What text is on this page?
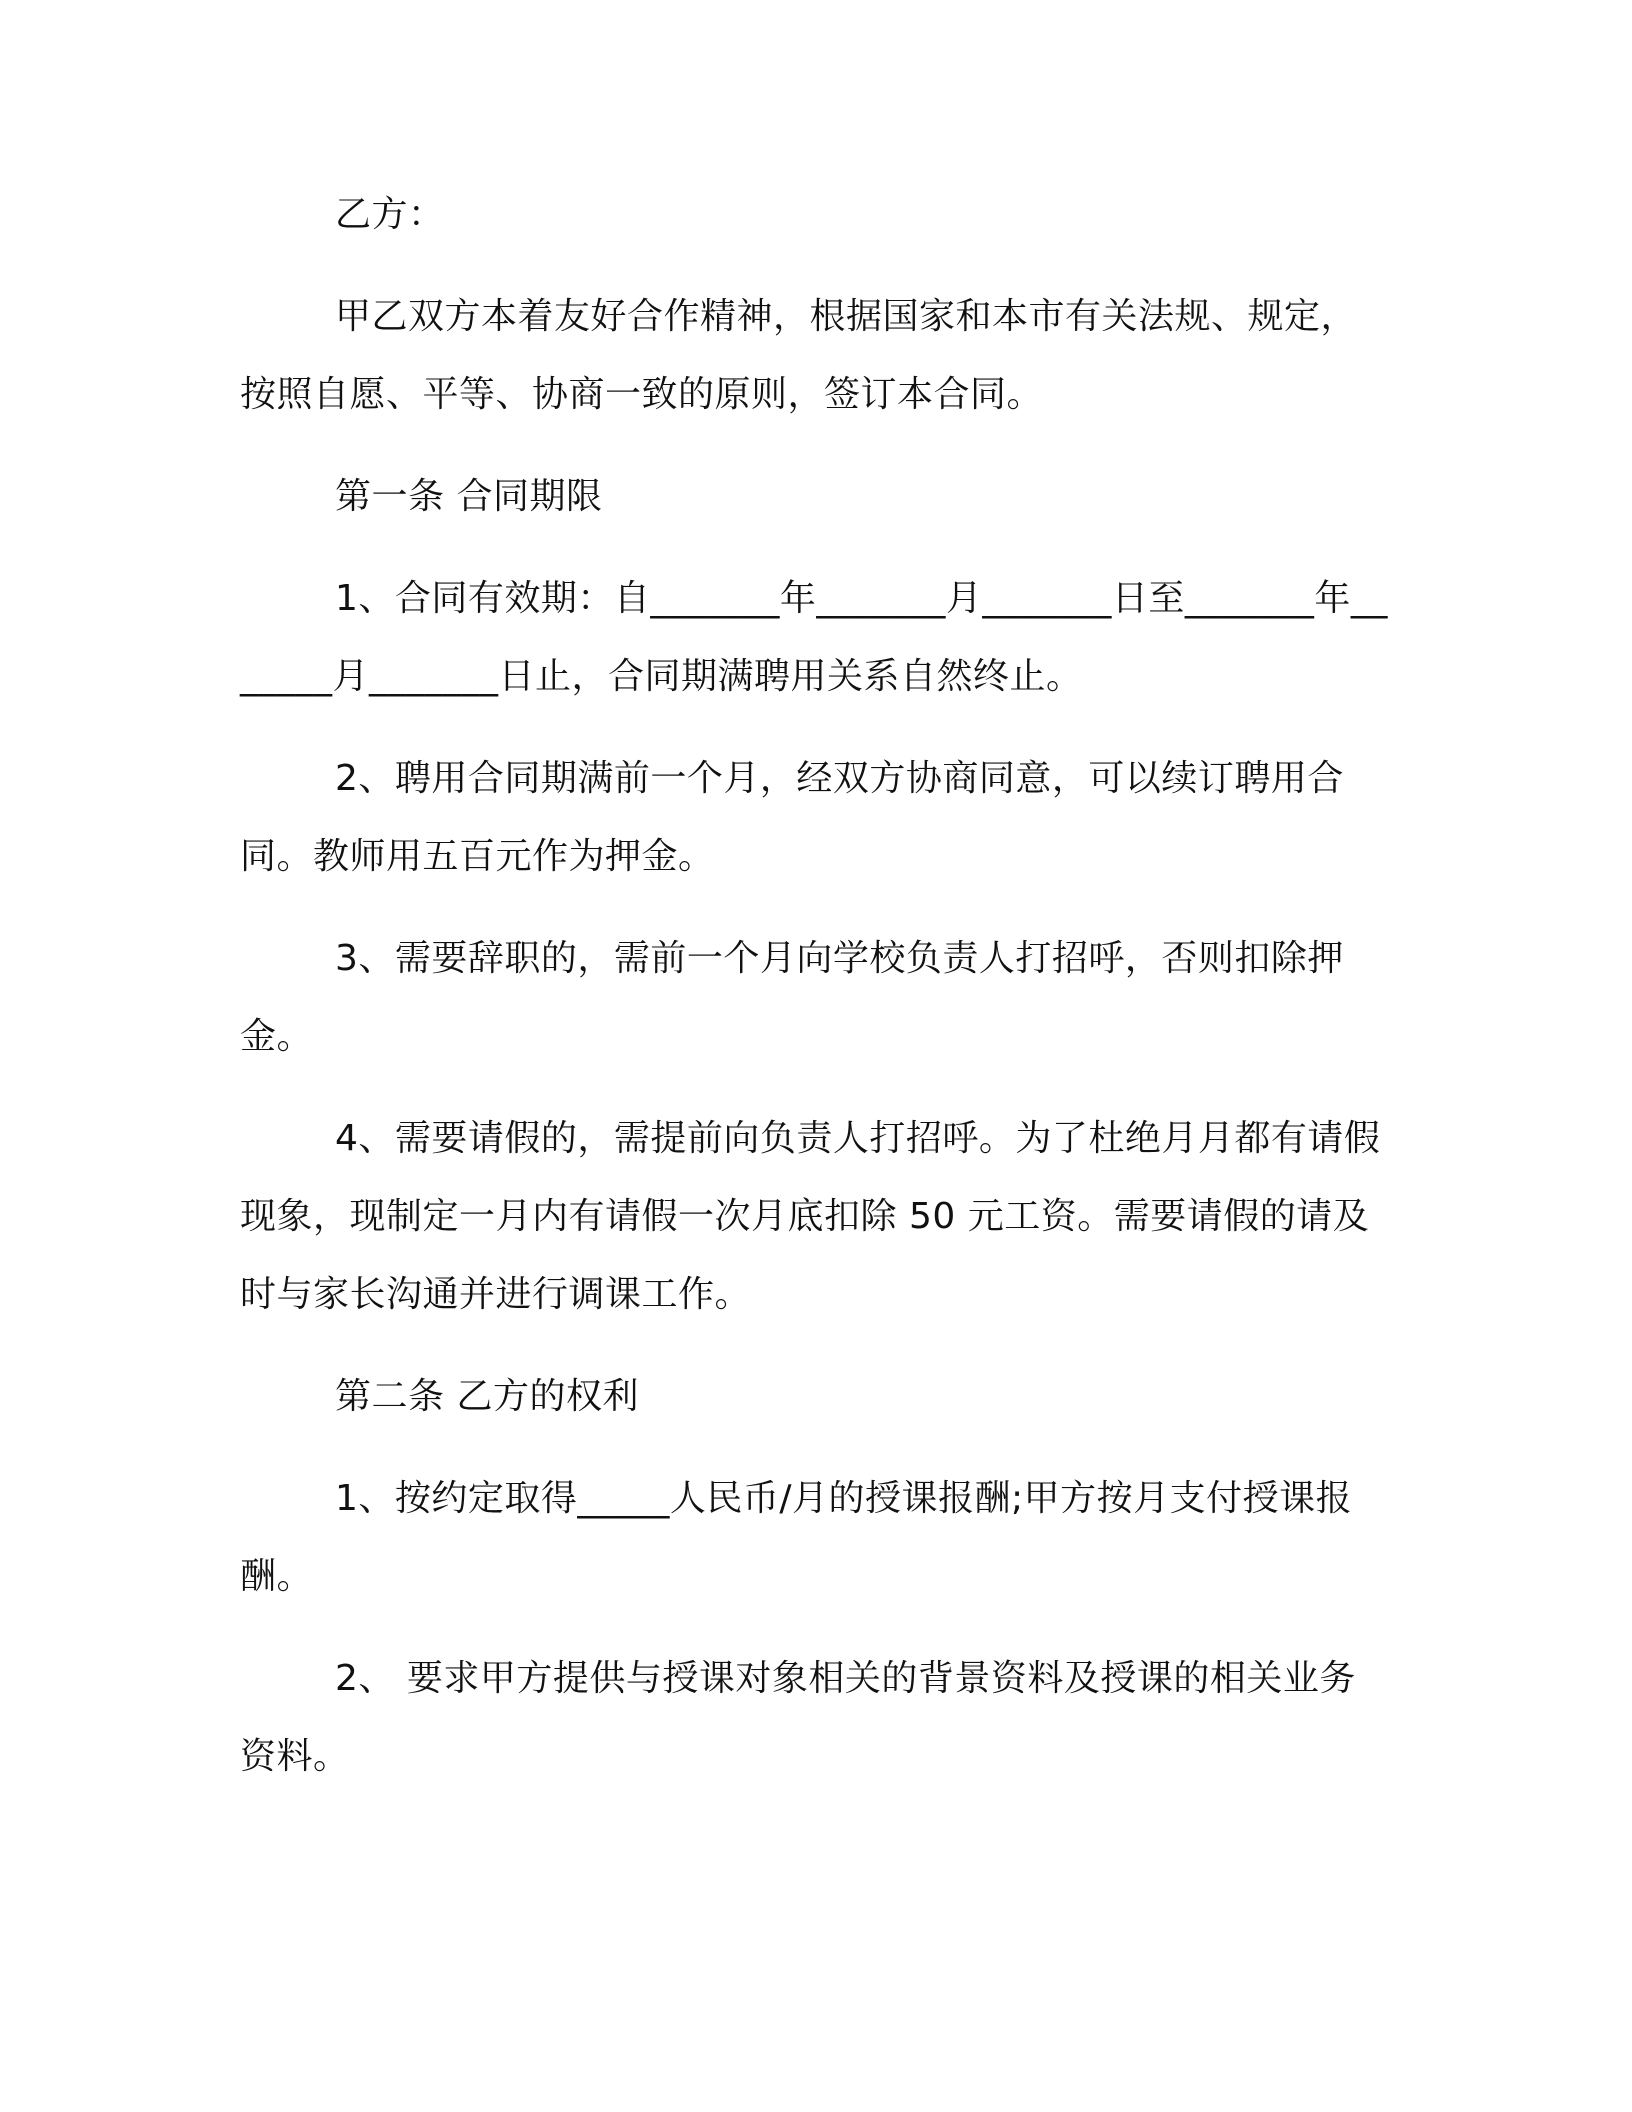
乙方：

甲乙双方本着友好合作精神，根据国家和本市有关法规、规定，按照自愿、平等、协商一致的原则，签订本合同。

第一条 合同期限

1、合同有效期：自_______年_______月_______日至_______年_______月_______日止，合同期满聘用关系自然终止。

2、聘用合同期满前一个月，经双方协商同意，可以续订聘用合同。教师用五百元作为押金。

3、需要辞职的，需前一个月向学校负责人打招呼，否则扣除押金。

4、需要请假的，需提前向负责人打招呼。为了杜绝月月都有请假现象，现制定一月内有请假一次月底扣除 50 元工资。需要请假的请及时与家长沟通并进行调课工作。

第二条 乙方的权利

1、按约定取得_____人民币/月的授课报酬;甲方按月支付授课报酬。

2、 要求甲方提供与授课对象相关的背景资料及授课的相关业务资料。
